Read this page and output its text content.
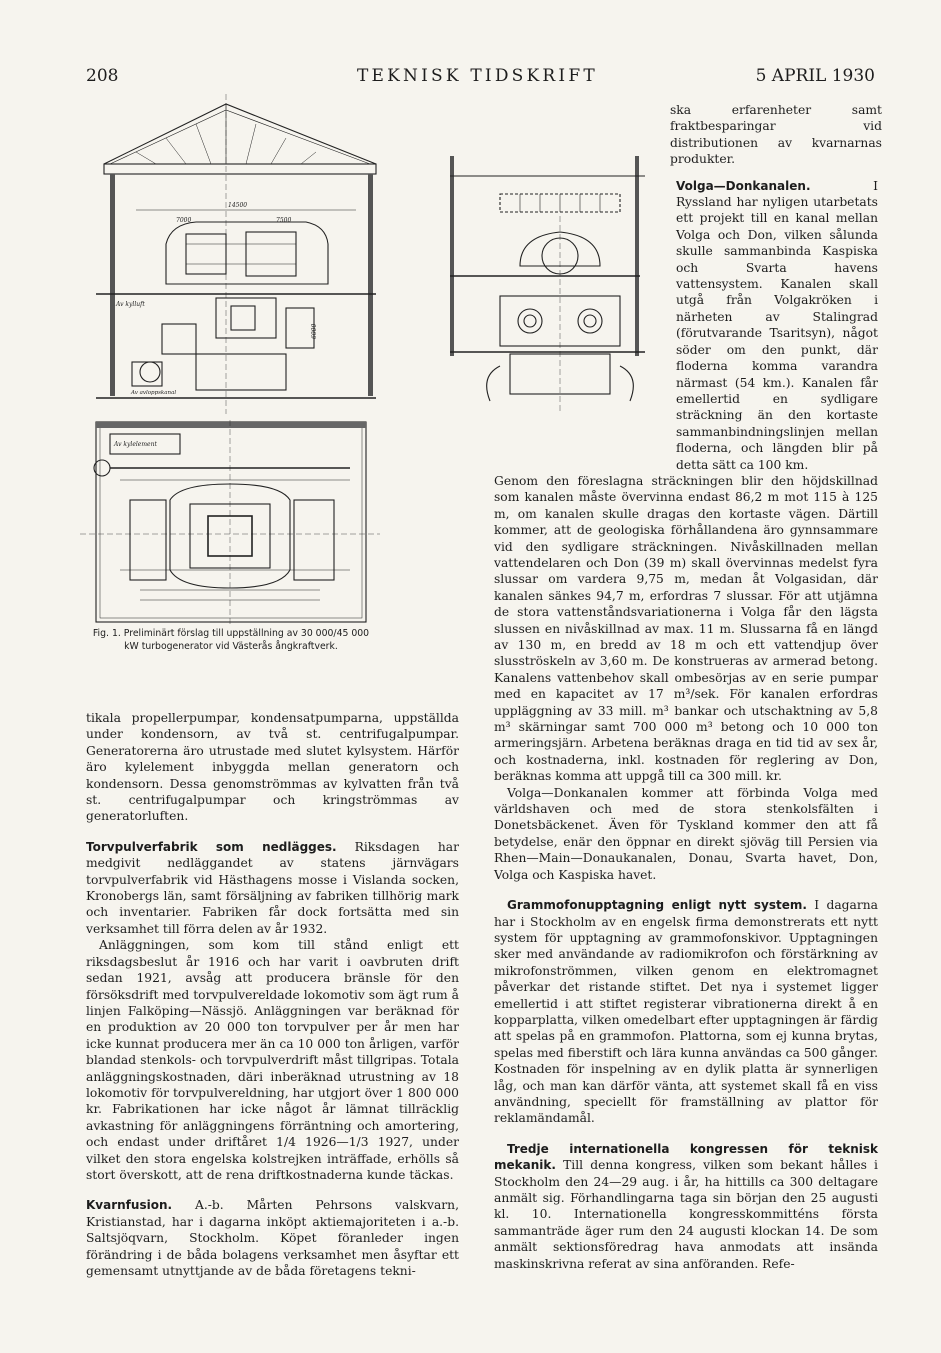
208	TEKNISK TIDSKRIFT	5 APRIL 1930
14500
7000	7500
6000
Av kylluft
Av avloppskanal
Av kylelement
Fig. 1. Preliminärt förslag till uppställning av 30 000/45 000 kW turbogenerator vid Västerås ångkraftverk.

tikala propellerpumpar, kondensatpumparna, uppställda under kondensorn, av två st. centrifugalpumpar. Generatorerna äro utrustade med slutet kylsystem. Härför äro kylelement inbyggda mellan generatorn och kondensorn. Dessa genomströmmas av kylvatten från två st. centrifugalpumpar och kringströmmas av generatorluften.

Torvpulverfabrik som nedlägges. Riksdagen har medgivit nedläggandet av statens järnvägars torvpulverfabrik vid Hästhagens mosse i Vislanda socken, Kronobergs län, samt försäljning av fabriken tillhörig mark och inventarier. Fabriken får dock fortsätta med sin verksamhet till förra delen av år 1932.

Anläggningen, som kom till stånd enligt ett riksdagsbeslut år 1916 och har varit i oavbruten drift sedan 1921, avsåg att producera bränsle för den försöksdrift med torvpulvereldade lokomotiv som ägt rum å linjen Falköping—Nässjö. Anläggningen var beräknad för en produktion av 20 000 ton torvpulver per år men har icke kunnat producera mer än ca 10 000 ton årligen, varför blandad stenkols- och torvpulverdrift måst tillgripas. Totala anläggningskostnaden, däri inberäknad utrustning av 18 lokomotiv för torvpulvereldning, har utgjort över 1 800 000 kr. Fabrikationen har icke något år lämnat tillräcklig avkastning för anläggningens förräntning och amortering, och endast under driftåret 1/4 1926—1/3 1927, under vilket den stora engelska kolstrejken inträffade, erhölls så stort överskott, att de rena driftkostnaderna kunde täckas.

Kvarnfusion. A.-b. Mårten Pehrsons valskvarn, Kristianstad, har i dagarna inköpt aktiemajoriteten i a.-b. Saltsjöqvarn, Stockholm. Köpet föranleder ingen förändring i de båda bolagens verksamhet men åsyftar ett gemensamt utnyttjande av de båda företagens tekni-

ska erfarenheter samt fraktbesparingar vid distributionen av kvarnarnas produkter.

Volga—Donkanalen. I Ryssland har nyligen utarbetats ett projekt till en kanal mellan Volga och Don, vilken sålunda skulle sammanbinda Kaspiska och Svarta havens vattensystem. Kanalen skall utgå från Volgakröken i närheten av Stalingrad (förutvarande Tsaritsyn), något söder om den punkt, där floderna komma varandra närmast (54 km.). Kanalen får emellertid en sydligare sträckning än den kortaste sammanbindningslinjen mellan floderna, och längden blir på detta sätt ca 100 km.

Genom den föreslagna sträckningen blir den höjdskillnad som kanalen måste övervinna endast 86,2 m mot 115 à 125 m, om kanalen skulle dragas den kortaste vägen. Därtill kommer, att de geologiska förhållandena äro gynnsammare vid den sydligare sträckningen. Nivåskillnaden mellan vattendelaren och Don (39 m) skall övervinnas medelst fyra slussar om vardera 9,75 m, medan åt Volgasidan, där kanalen sänkes 94,7 m, erfordras 7 slussar. För att utjämna de stora vattenståndsvariationerna i Volga får den lägsta slussen en nivåskillnad av max. 11 m. Slussarna få en längd av 130 m, en bredd av 18 m och ett vattendjup över slusströskeln av 3,60 m. De konstrueras av armerad betong. Kanalens vattenbehov skall ombesörjas av en serie pumpar med en kapacitet av 17 m³/sek. För kanalen erfordras uppläggning av 33 mill. m³ bankar och utschaktning av 5,8 m³ skärningar samt 700 000 m³ betong och 10 000 ton armeringsjärn. Arbetena beräknas draga en tid tid av sex år, och kostnaderna, inkl. kostnaden för reglering av Don, beräknas komma att uppgå till ca 300 mill. kr.

Volga—Donkanalen kommer att förbinda Volga med världshaven och med de stora stenkolsfälten i Donetsbäckenet. Även för Tyskland kommer den att få betydelse, enär den öppnar en direkt sjöväg till Persien via Rhen—Main—Donaukanalen, Donau, Svarta havet, Don, Volga och Kaspiska havet.

Grammofonupptagning enligt nytt system. I dagarna har i Stockholm av en engelsk firma demonstrerats ett nytt system för upptagning av grammofonskivor. Upptagningen sker med användande av radiomikrofon och förstärkning av mikrofonströmmen, vilken genom en elektromagnet påverkar det ristande stiftet. Det nya i systemet ligger emellertid i att stiftet registerar vibrationerna direkt å en kopparplatta, vilken omedelbart efter upptagningen är färdig att spelas på en grammofon. Plattorna, som ej kunna brytas, spelas med fiberstift och lära kunna användas ca 500 gånger. Kostnaden för inspelning av en dylik platta är synnerligen låg, och man kan därför vänta, att systemet skall få en viss användning, speciellt för framställning av plattor för reklamändamål.

Tredje internationella kongressen för teknisk mekanik. Till denna kongress, vilken som bekant hålles i Stockholm den 24—29 aug. i år, ha hittills ca 300 deltagare anmält sig. Förhandlingarna taga sin början den 25 augusti kl. 10. Internationella kongresskommitténs första sammanträde äger rum den 24 augusti klockan 14. De som anmält sektionsföredrag hava anmodats att insända maskinskrivna referat av sina anföranden. Refe-
